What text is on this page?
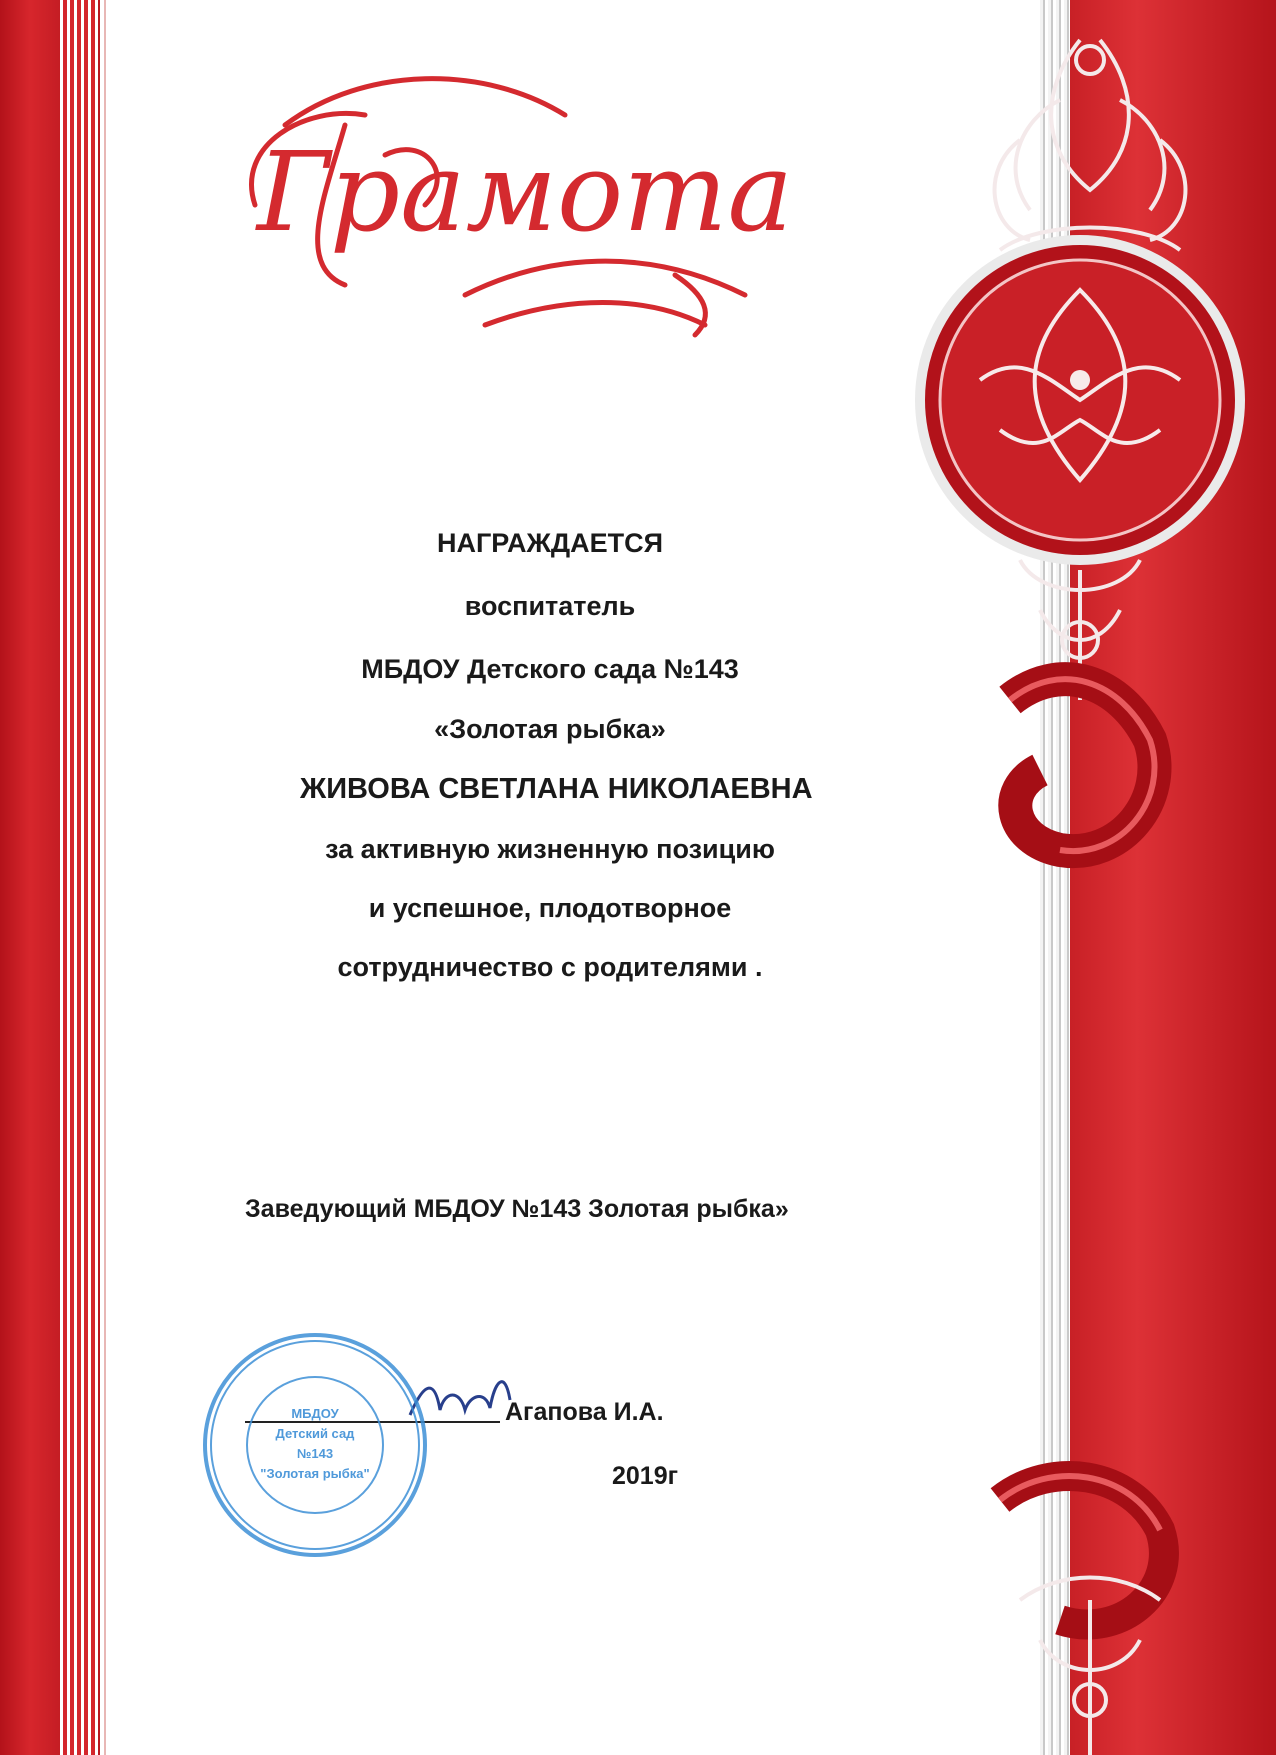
Грамота
НАГРАЖДАЕТСЯ
воспитатель
МБДОУ Детского сада №143
«Золотая рыбка»
ЖИВОВА СВЕТЛАНА НИКОЛАЕВНА
за активную жизненную позицию
и успешное, плодотворное
сотрудничество с родителями .
Заведующий МБДОУ №143 Золотая рыбка»
Агапова И.А.
2019г
МБДОУ
Детский сад
№143
"Золотая рыбка"
